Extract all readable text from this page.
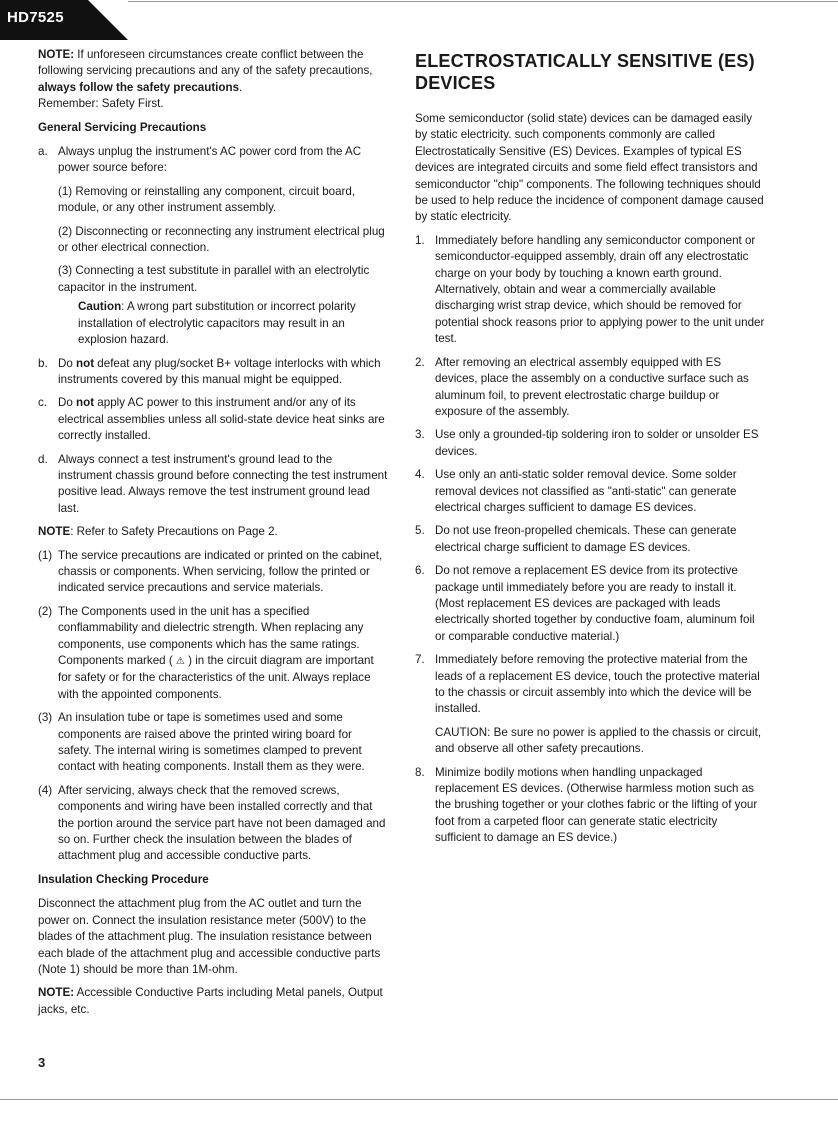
HD7525

NOTE: If unforeseen circumstances create conflict between the following servicing precautions and any of the safety precautions, always follow the safety precautions.
Remember: Safety First.

General Servicing Precautions
a. Always unplug the instrument's AC power cord from the AC power source before:

(1) Removing or reinstalling any component, circuit board, module, or any other instrument assembly.

(2) Disconnecting or reconnecting any instrument electrical plug or other electrical connection.

(3) Connecting a test substitute in parallel with an electrolytic capacitor in the instrument.

Caution: A wrong part substitution or incorrect polarity installation of electrolytic capacitors may result in an explosion hazard.

b. Do not defeat any plug/socket B+ voltage interlocks with which instruments covered by this manual might be equipped.
c. Do not apply AC power to this instrument and/or any of its electrical assemblies unless all solid-state device heat sinks are correctly installed.
d. Always connect a test instrument's ground lead to the instrument chassis ground before connecting the test instrument positive lead. Always remove the test instrument ground lead last.

NOTE: Refer to Safety Precautions on Page 2.

(1) The service precautions are indicated or printed on the cabinet, chassis or components. When servicing, follow the printed or indicated service precautions and service materials.
(2) The Components used in the unit has a specified conflammability and dielectric strength. When replacing any components, use components which has the same ratings. Components marked ( ⚠ ) in the circuit diagram are important for safety or for the characteristics of the unit. Always replace with the appointed components.
(3) An insulation tube or tape is sometimes used and some components are raised above the printed wiring board for safety. The internal wiring is sometimes clamped to prevent contact with heating components. Install them as they were.
(4) After servicing, always check that the removed screws, components and wiring have been installed correctly and that the portion around the service part have not been damaged and so on. Further check the insulation between the blades of attachment plug and accessible conductive parts.
Insulation Checking Procedure

Disconnect the attachment plug from the AC outlet and turn the power on. Connect the insulation resistance meter (500V) to the blades of the attachment plug. The insulation resistance between each blade of the attachment plug and accessible conductive parts (Note 1) should be more than 1M-ohm.

NOTE: Accessible Conductive Parts including Metal panels, Output jacks, etc.

ELECTROSTATICALLY SENSITIVE (ES) DEVICES

Some semiconductor (solid state) devices can be damaged easily by static electricity. such components commonly are called Electrostatically Sensitive (ES) Devices. Examples of typical ES devices are integrated circuits and some field effect transistors and semiconductor "chip" components. The following techniques should be used to help reduce the incidence of component damage caused by static electricity.

1. Immediately before handling any semiconductor component or semiconductor-equipped assembly, drain off any electrostatic charge on your body by touching a known earth ground. Alternatively, obtain and wear a commercially available discharging wrist strap device, which should be removed for potential shock reasons prior to applying power to the unit under test.
2. After removing an electrical assembly equipped with ES devices, place the assembly on a conductive surface such as aluminum foil, to prevent electrostatic charge buildup or exposure of the assembly.
3. Use only a grounded-tip soldering iron to solder or unsolder ES devices.
4. Use only an anti-static solder removal device. Some solder removal devices not classified as "anti-static" can generate electrical charges sufficient to damage ES devices.
5. Do not use freon-propelled chemicals. These can generate electrical charge sufficient to damage ES devices.
6. Do not remove a replacement ES device from its protective package until immediately before you are ready to install it. (Most replacement ES devices are packaged with leads electrically shorted together by conductive foam, aluminum foil or comparable conductive material.)
7. Immediately before removing the protective material from the leads of a replacement ES device, touch the protective material to the chassis or circuit assembly into which the device will be installed.

CAUTION: Be sure no power is applied to the chassis or circuit, and observe all other safety precautions.

8. Minimize bodily motions when handling unpackaged replacement ES devices. (Otherwise harmless motion such as the brushing together or your clothes fabric or the lifting of your foot from a carpeted floor can generate static electricity sufficient to damage an ES device.)
3
